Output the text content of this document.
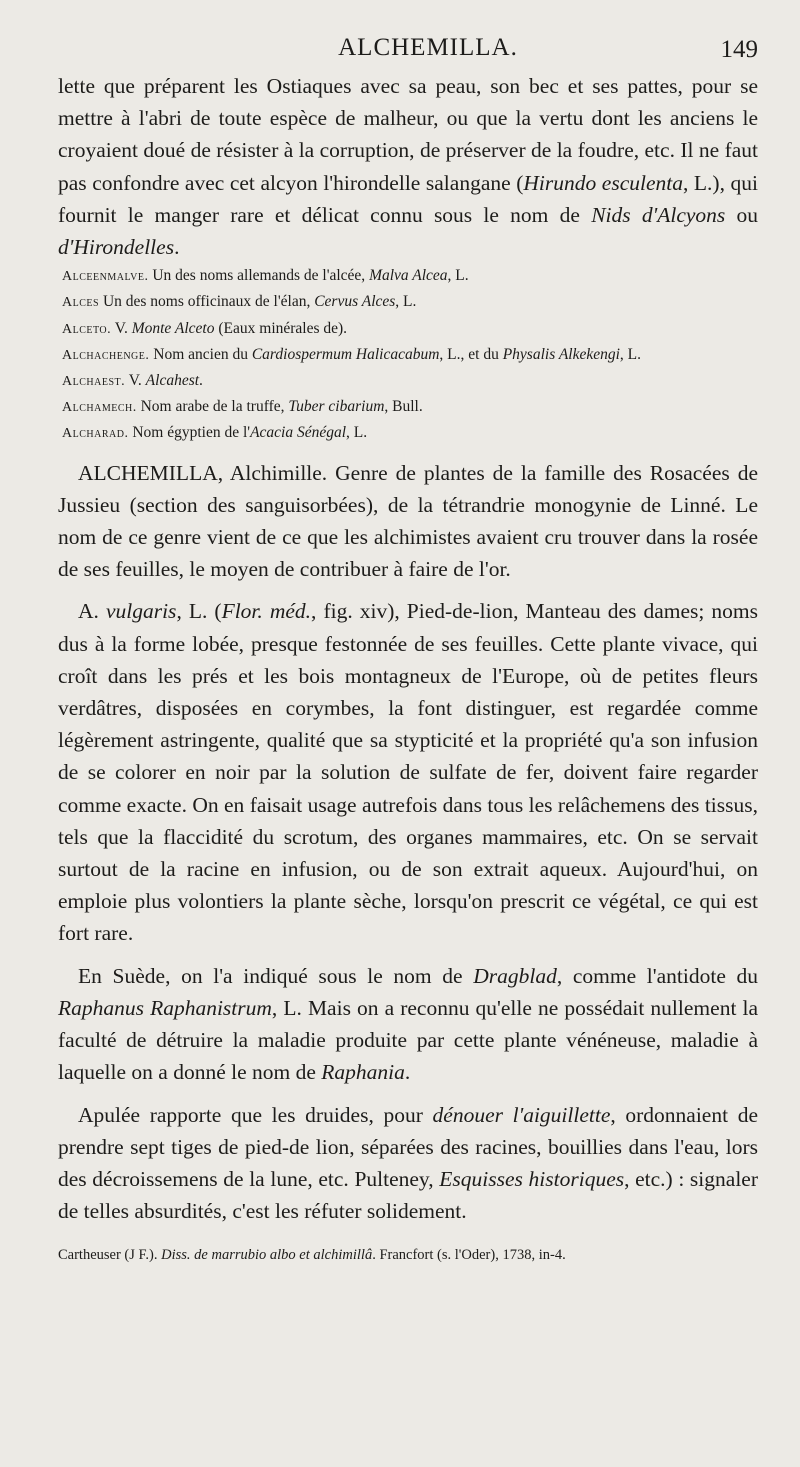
ALCHEMILLA.	149

lette que préparent les Ostiaques avec sa peau, son bec et ses pattes, pour se mettre à l'abri de toute espèce de malheur, ou que la vertu dont les anciens le croyaient doué de résister à la corruption, de préserver de la foudre, etc. Il ne faut pas confondre avec cet alcyon l'hirondelle salangane (Hirundo esculenta, L.), qui fournit le manger rare et délicat connu sous le nom de Nids d'Alcyons ou d'Hirondelles.

Alceenmalve. Un des noms allemands de l'alcée, Malva Alcea, L.

Alces Un des noms officinaux de l'élan, Cervus Alces, L.

Alceto. V. Monte Alceto (Eaux minérales de).

Alchachenge. Nom ancien du Cardiospermum Halicacabum, L., et du Physalis Alkekengi, L.

Alchaest. V. Alcahest.

Alchamech. Nom arabe de la truffe, Tuber cibarium, Bull.

Alcharad. Nom égyptien de l'Acacia Sénégal, L.

ALCHEMILLA, Alchimille. Genre de plantes de la famille des Rosacées de Jussieu (section des sanguisorbées), de la tétrandrie monogynie de Linné. Le nom de ce genre vient de ce que les alchimistes avaient cru trouver dans la rosée de ses feuilles, le moyen de contribuer à faire de l'or.

A. vulgaris, L. (Flor. méd., fig. xiv), Pied-de-lion, Manteau des dames; noms dus à la forme lobée, presque festonnée de ses feuilles. Cette plante vivace, qui croît dans les prés et les bois montagneux de l'Europe, où de petites fleurs verdâtres, disposées en corymbes, la font distinguer, est regardée comme légèrement astringente, qualité que sa stypticité et la propriété qu'a son infusion de se colorer en noir par la solution de sulfate de fer, doivent faire regarder comme exacte. On en faisait usage autrefois dans tous les relâchemens des tissus, tels que la flaccidité du scrotum, des organes mammaires, etc. On se servait surtout de la racine en infusion, ou de son extrait aqueux. Aujourd'hui, on emploie plus volontiers la plante sèche, lorsqu'on prescrit ce végétal, ce qui est fort rare.

En Suède, on l'a indiqué sous le nom de Dragblad, comme l'antidote du Raphanus Raphanistrum, L. Mais on a reconnu qu'elle ne possédait nullement la faculté de détruire la maladie produite par cette plante vénéneuse, maladie à laquelle on a donné le nom de Raphania.

Apulée rapporte que les druides, pour dénouer l'aiguillette, ordonnaient de prendre sept tiges de pied-de lion, séparées des racines, bouillies dans l'eau, lors des décroissemens de la lune, etc. Pulteney, Esquisses historiques, etc.) : signaler de telles absurdités, c'est les réfuter solidement.

Cartheuser (J F.). Diss. de marrubio albo et alchimillâ. Francfort (s. l'Oder), 1738, in-4.
